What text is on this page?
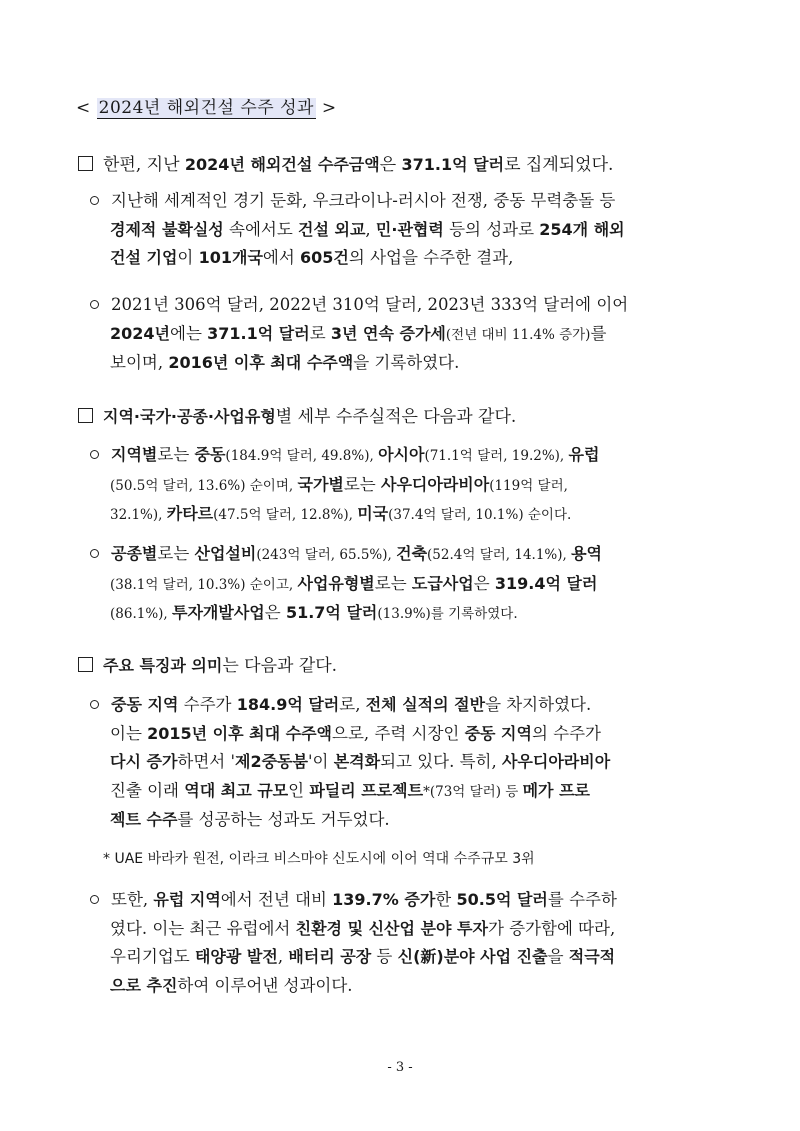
< 2024년 해외건설 수주 성과 >
한편, 지난 2024년 해외건설 수주금액은 371.1억 달러로 집계되었다.
지난해 세계적인 경기 둔화, 우크라이나-러시아 전쟁, 중동 무력충돌 등
경제적 불확실성 속에서도 건설 외교, 민·관협력 등의 성과로 254개 해외
건설 기업이 101개국에서 605건의 사업을 수주한 결과,
2021년 306억 달러, 2022년 310억 달러, 2023년 333억 달러에 이어
2024년에는 371.1억 달러로 3년 연속 증가세(전년 대비 11.4% 증가)를
보이며, 2016년 이후 최대 수주액을 기록하였다.
지역·국가·공종·사업유형별 세부 수주실적은 다음과 같다.
지역별로는 중동(184.9억 달러, 49.8%), 아시아(71.1억 달러, 19.2%), 유럽
(50.5억 달러, 13.6%) 순이며, 국가별로는 사우디아라비아(119억 달러,
32.1%), 카타르(47.5억 달러, 12.8%), 미국(37.4억 달러, 10.1%) 순이다.
공종별로는 산업설비(243억 달러, 65.5%), 건축(52.4억 달러, 14.1%), 용역
(38.1억 달러, 10.3%) 순이고, 사업유형별로는 도급사업은 319.4억 달러
(86.1%), 투자개발사업은 51.7억 달러(13.9%)를 기록하였다.
주요 특징과 의미는 다음과 같다.
중동 지역 수주가 184.9억 달러로, 전체 실적의 절반을 차지하였다.
이는 2015년 이후 최대 수주액으로, 주력 시장인 중동 지역의 수주가
다시 증가하면서 '제2중동붐'이 본격화되고 있다. 특히, 사우디아라비아
진출 이래 역대 최고 규모인 파딜리 프로젝트*(73억 달러) 등 메가 프로
젝트 수주를 성공하는 성과도 거두었다.
* UAE 바라카 원전, 이라크 비스마야 신도시에 이어 역대 수주규모 3위
또한, 유럽 지역에서 전년 대비 139.7% 증가한 50.5억 달러를 수주하
였다. 이는 최근 유럽에서 친환경 및 신산업 분야 투자가 증가함에 따라,
우리기업도 태양광 발전, 배터리 공장 등 신(新)분야 사업 진출을 적극적
으로 추진하여 이루어낸 성과이다.
- 3 -
